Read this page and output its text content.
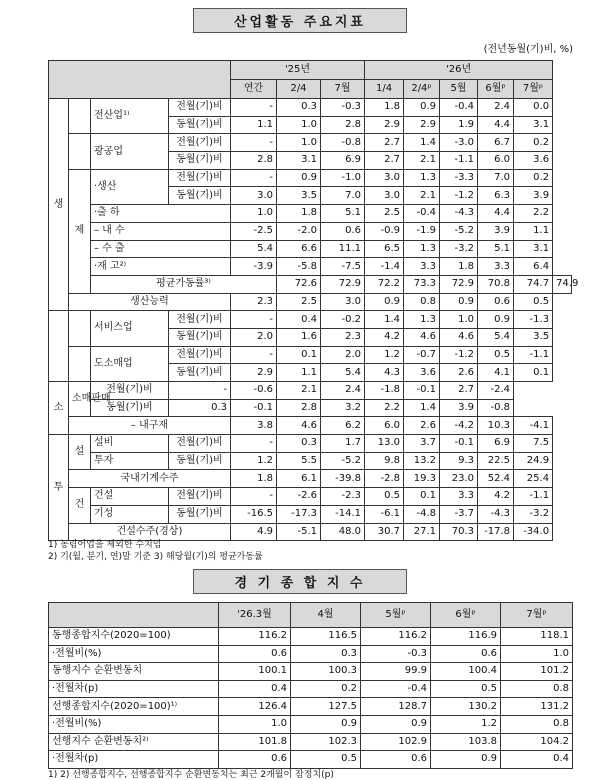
산업활동 주요지표
(전년동월(기)비, %)
				'25년			'26년					
				연간	2/4	7월	1/4	2/4ᵖ	5월	6월ᵖ	7월ᵖ	
생		전산업¹⁾	전월(기)비	-	0.3	-0.3	1.8	0.9	-0.4	2.4	0.0	
			동월(기)비	1.1	1.0	2.8	2.9	2.9	1.9	4.4	3.1	
		광공업	전월(기)비	-	1.0	-0.8	2.7	1.4	-3.0	6.7	0.2	
			동월(기)비	2.8	3.1	6.9	2.7	2.1	-1.1	6.0	3.6	
	제	·생산	전월(기)비	-	0.9	-1.0	3.0	1.3	-3.3	7.0	0.2	
			동월(기)비	3.0	3.5	7.0	3.0	2.1	-1.2	6.3	3.9	
		·출 하		1.0	1.8	5.1	2.5	-0.4	-4.3	4.4	2.2	
		– 내 수		-2.5	-2.0	0.6	-0.9	-1.9	-5.2	3.9	1.1	
		– 수 출		5.4	6.6	11.1	6.5	1.3	-3.2	5.1	3.1	
		·재 고²⁾		-3.9	-5.8	-7.5	-1.4	3.3	1.8	3.3	6.4	
		평균가동률³⁾			72.6	72.9	72.2	73.3	72.9	70.8	74.7	74.9
	생산능력			2.3	2.5	3.0	0.9	0.8	0.9	0.6	0.5	
		서비스업	전월(기)비	-	0.4	-0.2	1.4	1.3	1.0	0.9	-1.3	
			동월(기)비	2.0	1.6	2.3	4.2	4.6	4.6	5.4	3.5	
		도소매업	전월(기)비	-	0.1	2.0	1.2	-0.7	-1.2	0.5	-1.1	
			동월(기)비	2.9	1.1	5.4	4.3	3.6	2.6	4.1	0.1	
소	소매판매	전월(기)비	-	-0.6	2.1	2.4	-1.8	-0.1	2.7	-2.4		
		동월(기)비	0.3	-0.1	2.8	3.2	2.2	1.4	3.9	-0.8		
	– 내구재			3.8	4.6	6.2	6.0	2.6	-4.2	10.3	-4.1	
투	설	설비	전월(기)비	-	0.3	1.7	13.0	3.7	-0.1	6.9	7.5	
		투자	동월(기)비	1.2	5.5	-5.2	9.8	13.2	9.3	22.5	24.9	
	국내기계수주			1.8	6.1	-39.8	-2.8	19.3	23.0	52.4	25.4	
	건	건설	전월(기)비	-	-2.6	-2.3	0.5	0.1	3.3	4.2	-1.1	
		기성	동월(기)비	-16.5	-17.3	-14.1	-6.1	-4.8	-3.7	-4.3	-3.2	
	건설수주(경상)			4.9	-5.1	48.0	30.7	27.1	70.3	-17.8	-34.0	
1) 농림어업을 제외한 수치임
2) 기(월, 분기, 연)말 기준 3) 해당월(기)의 평균가동률
경 기 종 합 지 수
	'26.3월	4월	5월ᵖ	6월ᵖ	7월ᵖ
동행종합지수(2020=100)	116.2	116.5	116.2	116.9	118.1
·전월비(%)	0.6	0.3	-0.3	0.6	1.0
동행지수 순환변동치	100.1	100.3	99.9	100.4	101.2
·전월차(p)	0.4	0.2	-0.4	0.5	0.8
선행종합지수(2020=100)¹⁾	126.4	127.5	128.7	130.2	131.2
·전월비(%)	1.0	0.9	0.9	1.2	0.8
선행지수 순환변동치²⁾	101.8	102.3	102.9	103.8	104.2
·전월차(p)	0.6	0.5	0.6	0.9	0.4
1) 2) 선행종합지수, 선행종합지수 순환변동치는 최근 2개월이 잠정치(p)
